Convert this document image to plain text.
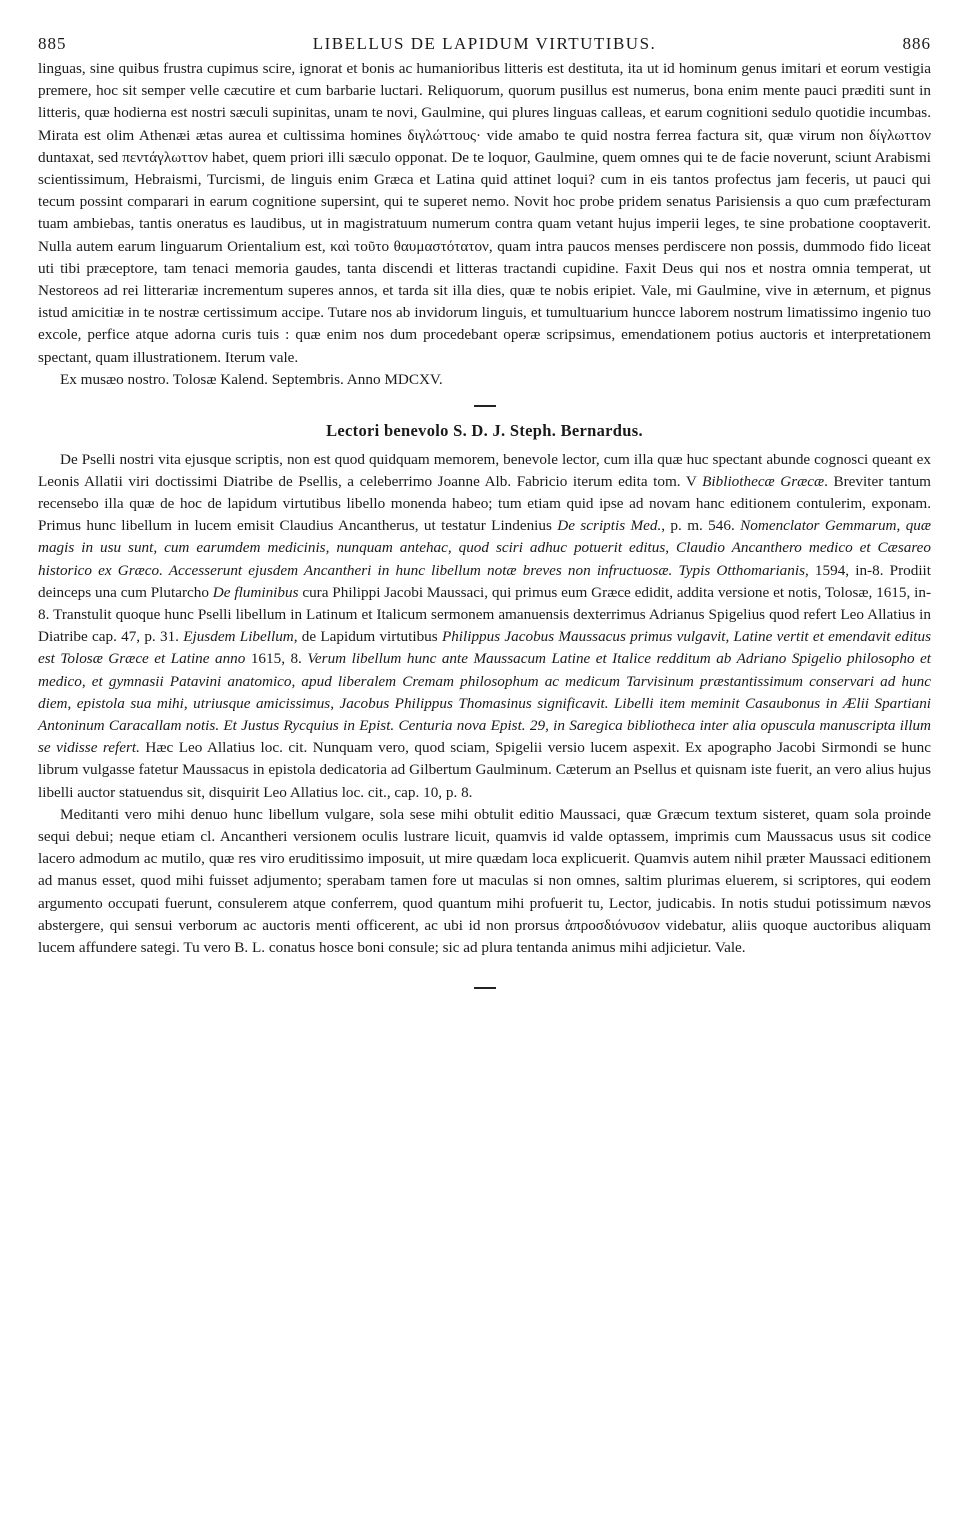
885	LIBELLUS DE LAPIDUM VIRTUTIBUS.	886

linguas, sine quibus frustra cupimus scire, ignorat et bonis ac humanioribus litteris est destituta, ita ut id hominum genus imitari et eorum vestigia premere, hoc sit semper velle cæcutire et cum barbarie luctari. Reliquorum, quorum pusillus est numerus, bona enim mente pauci præditi sunt in litteris, quæ hodierna est nostri sæculi supinitas, unam te novi, Gaulmine, qui plures linguas calleas, et earum cognitioni sedulo quotidie incumbas. Mirata est olim Athenæi ætas aurea et cultissima homines διγλώττους· vide amabo te quid nostra ferrea factura sit, quæ virum non δίγλωττον duntaxat, sed πεντάγλωττον habet, quem priori illi sæculo opponat. De te loquor, Gaulmine, quem omnes qui te de facie noverunt, sciunt Arabismi scientissimum, Hebraismi, Turcismi, de linguis enim Græca et Latina quid attinet loqui? cum in eis tantos profectus jam feceris, ut pauci qui tecum possint comparari in earum cognitione supersint, qui te superet nemo. Novit hoc probe pridem senatus Parisiensis a quo cum præfecturam tuam ambiebas, tantis oneratus es laudibus, ut in magistratuum numerum contra quam vetant hujus imperii leges, te sine probatione cooptaverit. Nulla autem earum linguarum Orientalium est, καὶ τοῦτο θαυμαστότατον, quam intra paucos menses perdiscere non possis, dummodo fido liceat uti tibi præceptore, tam tenaci memoria gaudes, tanta discendi et litteras tractandi cupidine. Faxit Deus qui nos et nostra omnia temperat, ut Nestoreos ad rei litterariæ incrementum superes annos, et tarda sit illa dies, quæ te nobis eripiet. Vale, mi Gaulmine, vive in æternum, et pignus istud amicitiæ in te nostræ certissimum accipe. Tutare nos ab invidorum linguis, et tumultuarium huncce laborem nostrum limatissimo ingenio tuo excole, perfice atque adorna curis tuis : quæ enim nos dum procedebant operæ scripsimus, emendationem potius auctoris et interpretationem spectant, quam illustrationem. Iterum vale.

Ex musæo nostro. Tolosæ Kalend. Septembris. Anno MDCXV.

Lectori benevolo S. D. J. Steph. Bernardus.

De Pselli nostri vita ejusque scriptis, non est quod quidquam memorem, benevole lector, cum illa quæ huc spectant abunde cognosci queant ex Leonis Allatii viri doctissimi Diatribe de Psellis, a celeberrimo Joanne Alb. Fabricio iterum edita tom. V Bibliothecæ Græcæ. Breviter tantum recensebo illa quæ de hoc de lapidum virtutibus libello monenda habeo; tum etiam quid ipse ad novam hanc editionem contulerim, exponam. Primus hunc libellum in lucem emisit Claudius Ancantherus, ut testatur Lindenius De scriptis Med., p. m. 546. Nomenclator Gemmarum, quæ magis in usu sunt, cum earumdem medicinis, nunquam antehac, quod sciri adhuc potuerit editus, Claudio Ancanthero medico et Cæsareo historico ex Græco. Accesserunt ejusdem Ancantheri in hunc libellum notæ breves non infructuosæ. Typis Otthomarianis, 1594, in-8. Prodiit deinceps una cum Plutarcho De fluminibus cura Philippi Jacobi Maussaci, qui primus eum Græce edidit, addita versione et notis, Tolosæ, 1615, in-8. Transtulit quoque hunc Pselli libellum in Latinum et Italicum sermonem amanuensis dexterrimus Adrianus Spigelius quod refert Leo Allatius in Diatribe cap. 47, p. 31. Ejusdem Libellum, de Lapidum virtutibus Philippus Jacobus Maussacus primus vulgavit, Latine vertit et emendavit editus est Tolosæ Græce et Latine anno 1615, 8. Verum libellum hunc ante Maussacum Latine et Italice redditum ab Adriano Spigelio philosopho et medico, et gymnasii Patavini anatomico, apud liberalem Cremam philosophum ac medicum Tarvisinum præstantissimum conservari ad hunc diem, epistola sua mihi, utriusque amicissimus, Jacobus Philippus Thomasinus significavit. Libelli item meminit Casaubonus in Ælii Spartiani Antoninum Caracallam notis. Et Justus Rycquius in Epist. Centuria nova Epist. 29, in Saregica bibliotheca inter alia opuscula manuscripta illum se vidisse refert. Hæc Leo Allatius loc. cit. Nunquam vero, quod sciam, Spigelii versio lucem aspexit. Ex apographo Jacobi Sirmondi se hunc librum vulgasse fatetur Maussacus in epistola dedicatoria ad Gilbertum Gaulminum. Cæterum an Psellus et quisnam iste fuerit, an vero alius hujus libelli auctor statuendus sit, disquirit Leo Allatius loc. cit., cap. 10, p. 8.

Meditanti vero mihi denuo hunc libellum vulgare, sola sese mihi obtulit editio Maussaci, quæ Græcum textum sisteret, quam sola proinde sequi debui; neque etiam cl. Ancantheri versionem oculis lustrare licuit, quamvis id valde optassem, imprimis cum Maussacus usus sit codice lacero admodum ac mutilo, quæ res viro eruditissimo imposuit, ut mire quædam loca explicuerit. Quamvis autem nihil præter Maussaci editionem ad manus esset, quod mihi fuisset adjumento; sperabam tamen fore ut maculas si non omnes, saltim plurimas eluerem, si scriptores, qui eodem argumento occupati fuerunt, consulerem atque conferrem, quod quantum mihi profuerit tu, Lector, judicabis. In notis studui potissimum nævos abstergere, qui sensui verborum ac auctoris menti officerent, ac ubi id non prorsus ἀπροσδιόνυσον videbatur, aliis quoque auctoribus aliquam lucem affundere sategi. Tu vero B. L. conatus hosce boni consule; sic ad plura tentanda animus mihi adjicietur. Vale.
